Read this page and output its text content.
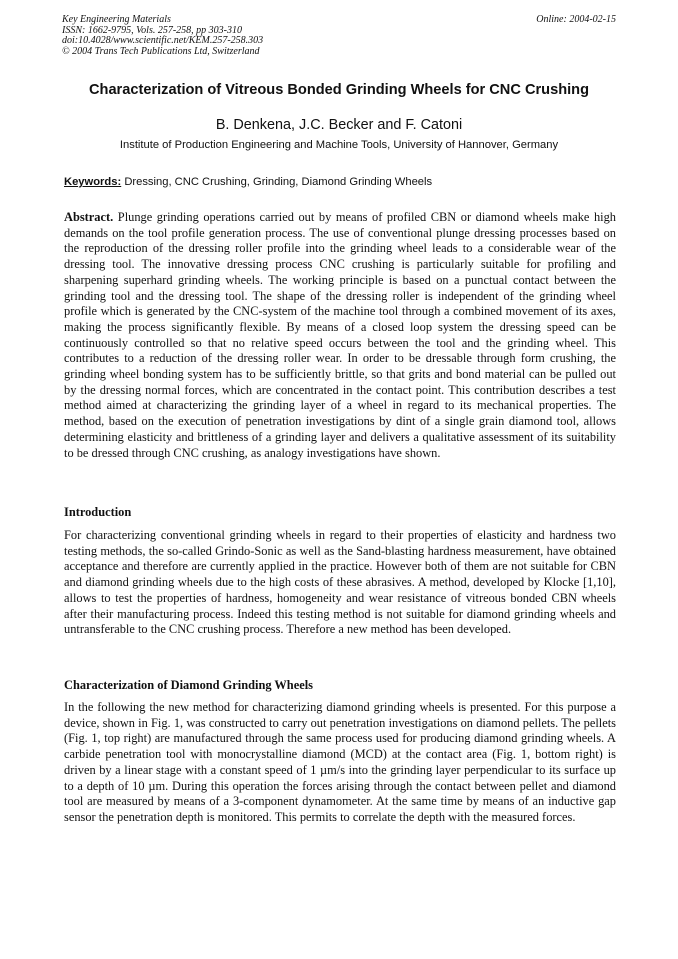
Key Engineering Materials
ISSN: 1662-9795, Vols. 257-258, pp 303-310
doi:10.4028/www.scientific.net/KEM.257-258.303
© 2004 Trans Tech Publications Ltd, Switzerland
Online: 2004-02-15
Characterization of Vitreous Bonded Grinding Wheels for CNC Crushing
B. Denkena, J.C. Becker and F. Catoni
Institute of Production Engineering and Machine Tools, University of Hannover, Germany
Keywords: Dressing, CNC Crushing, Grinding, Diamond Grinding Wheels
Abstract. Plunge grinding operations carried out by means of profiled CBN or diamond wheels make high demands on the tool profile generation process. The use of conventional plunge dressing processes based on the reproduction of the dressing roller profile into the grinding wheel leads to a considerable wear of the dressing tool. The innovative dressing process CNC crushing is particularly suitable for profiling and sharpening superhard grinding wheels. The working principle is based on a punctual contact between the grinding tool and the dressing tool. The shape of the dressing roller is independent of the grinding wheel profile which is generated by the CNC-system of the machine tool through a combined movement of its axes, making the process significantly flexible. By means of a closed loop system the dressing speed can be continuously controlled so that no relative speed occurs between the tool and the grinding wheel. This contributes to a reduction of the dressing roller wear. In order to be dressable through form crushing, the grinding wheel bonding system has to be sufficiently brittle, so that grits and bond material can be pulled out by the dressing normal forces, which are concentrated in the contact point. This contribution describes a test method aimed at characterizing the grinding layer of a wheel in regard to its mechanical properties. The method, based on the execution of penetration investigations by dint of a single grain diamond tool, allows determining elasticity and brittleness of a grinding layer and delivers a qualitative assessment of its suitability to be dressed through CNC crushing, as analogy investigations have shown.
Introduction
For characterizing conventional grinding wheels in regard to their properties of elasticity and hardness two testing methods, the so-called Grindo-Sonic as well as the Sand-blasting hardness measurement, have obtained acceptance and therefore are currently applied in the practice. However both of them are not suitable for CBN and diamond grinding wheels due to the high costs of these abrasives. A method, developed by Klocke [1,10], allows to test the properties of hardness, homogeneity and wear resistance of vitreous bonded CBN wheels after their manufacturing process. Indeed this testing method is not suitable for diamond grinding wheels and untransferable to the CNC crushing process. Therefore a new method has been developed.
Characterization of Diamond Grinding Wheels
In the following the new method for characterizing diamond grinding wheels is presented. For this purpose a device, shown in Fig. 1, was constructed to carry out penetration investigations on diamond pellets. The pellets (Fig. 1, top right) are manufactured through the same process used for producing diamond grinding wheels. A carbide penetration tool with monocrystalline diamond (MCD) at the contact area (Fig. 1, bottom right) is driven by a linear stage with a constant speed of 1 µm/s into the grinding layer perpendicular to its surface up to a depth of 10 µm. During this operation the forces arising through the contact between pellet and diamond tool are measured by means of a 3-component dynamometer. At the same time by means of an inductive gap sensor the penetration depth is monitored. This permits to correlate the depth with the measured forces.
